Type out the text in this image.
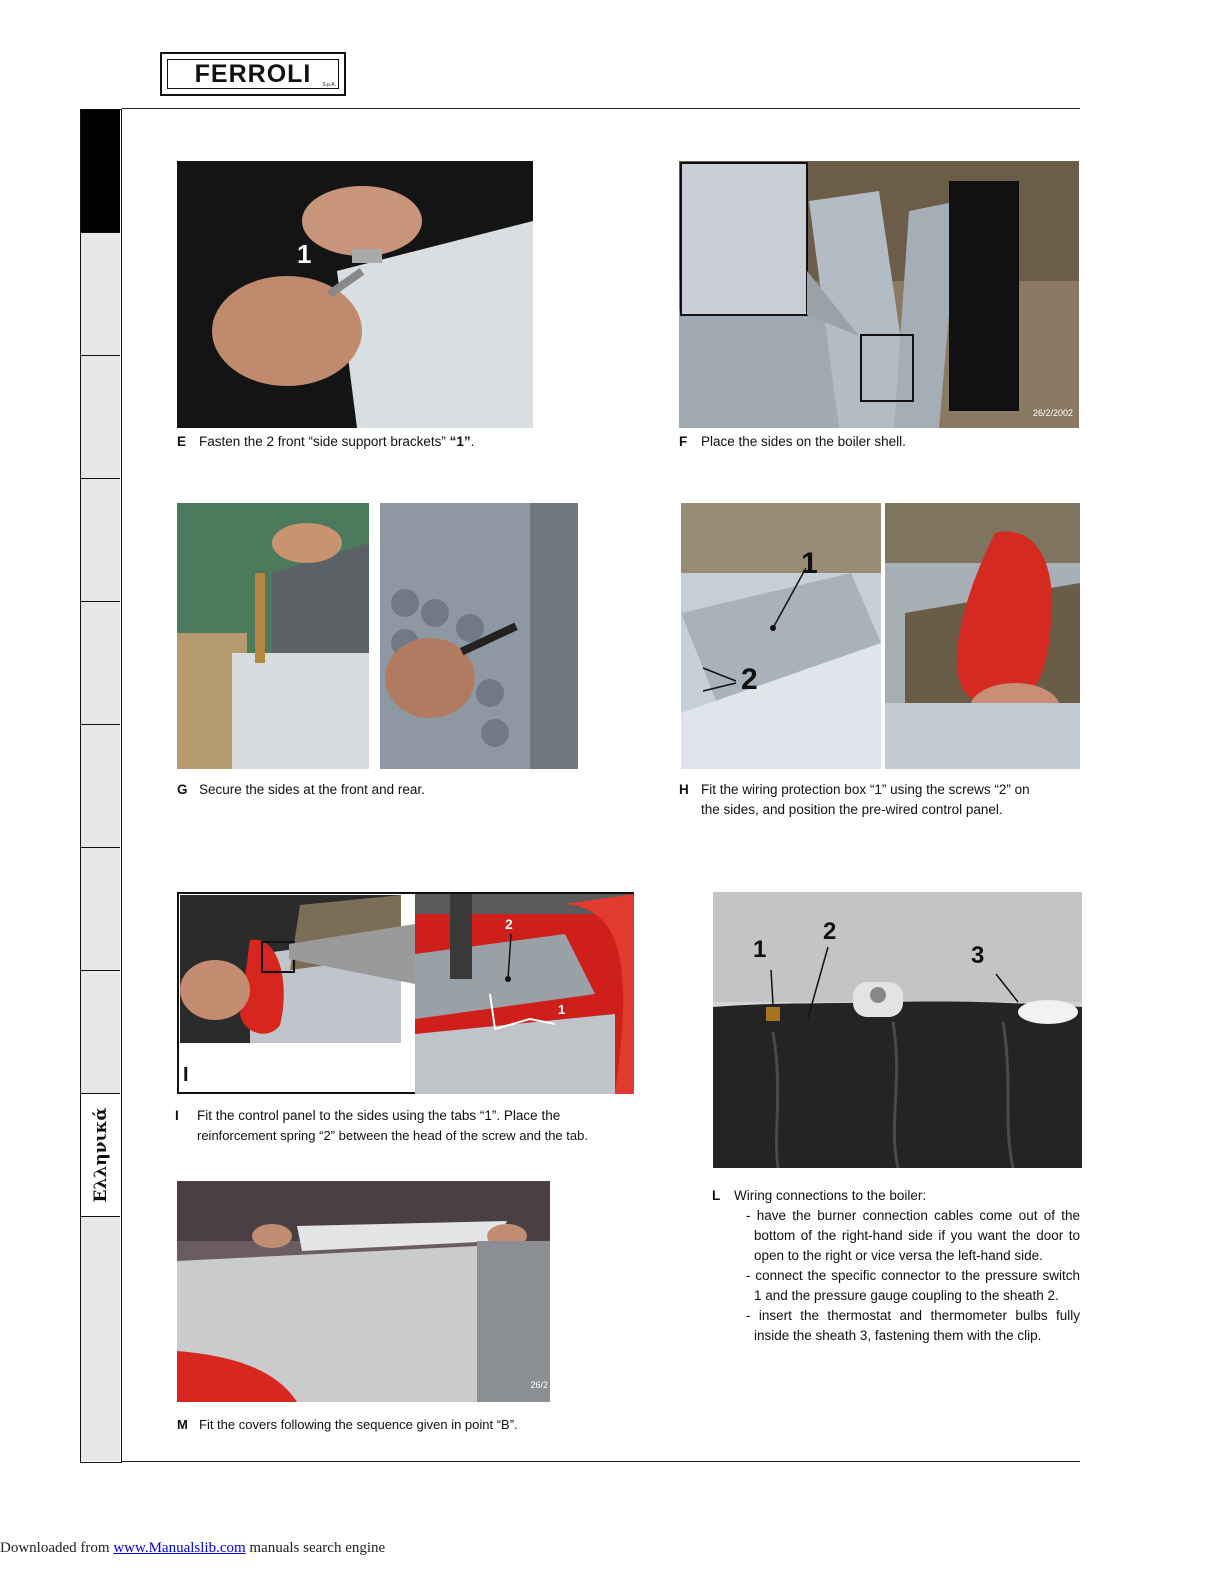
FERROLI S.p.A.
Ελληνικά
1
E Fasten the 2 front “side support brackets” “1”.
26/2/2002
F Place the sides on the boiler shell.
G Secure the sides at the front and rear.
1
2
H Fit the wiring protection box “1” using the screws “2” on
the sides, and position the pre-wired control panel.
2
1
I
I Fit the control panel to the sides using the tabs “1”. Place the
reinforcement spring “2” between the head of the screw and the tab.
1
2
3
L Wiring connections to the boiler:
- have the burner connection cables come out of the bottom of the right-hand side if you want the door to open to the right or vice versa the left-hand side.
- connect the specific connector to the pressure switch 1 and the pressure gauge coupling to the sheath 2.
- insert the thermostat and thermometer bulbs fully inside the sheath 3, fastening them with the clip.
26/2
M Fit the covers following the sequence given in point “B”.
Downloaded from www.Manualslib.com manuals search engine
